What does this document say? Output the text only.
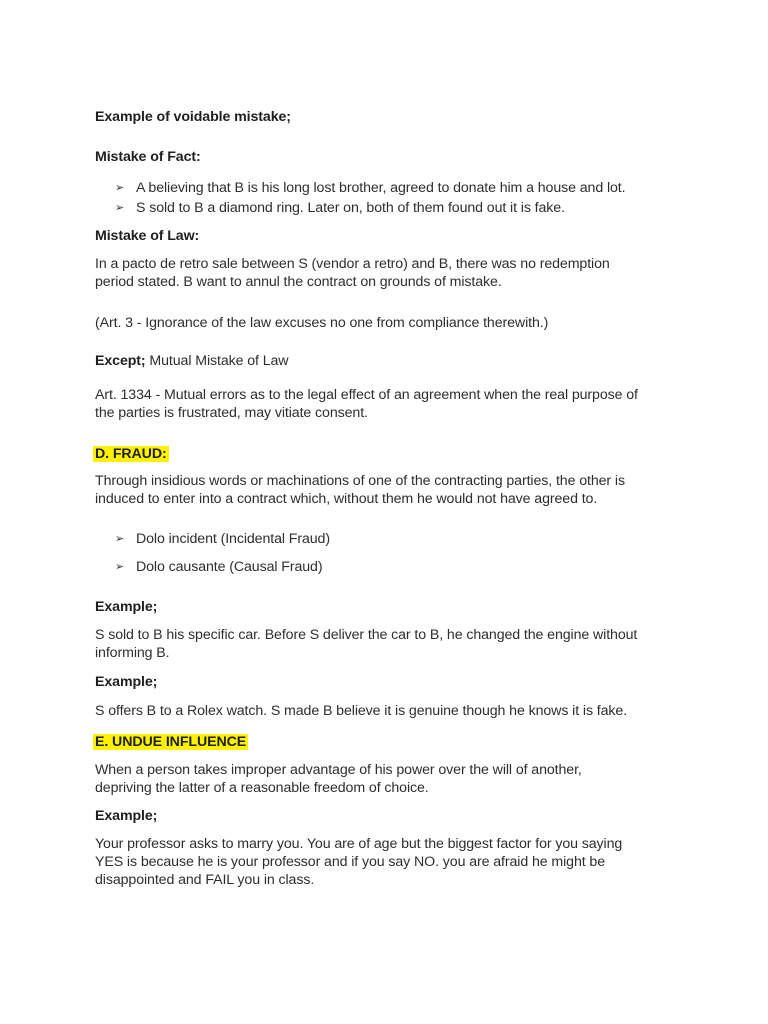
Example of voidable mistake;
Mistake of Fact:
➢ A believing that B is his long lost brother, agreed to donate him a house and lot.
➢ S sold to B a diamond ring. Later on, both of them found out it is fake.
Mistake of Law:
In a pacto de retro sale between S (vendor a retro) and B, there was no redemption
period stated. B want to annul the contract on grounds of mistake.
(Art. 3 - Ignorance of the law excuses no one from compliance therewith.)
Except; Mutual Mistake of Law
Art. 1334 - Mutual errors as to the legal effect of an agreement when the real purpose of
the parties is frustrated, may vitiate consent.
D. FRAUD:
Through insidious words or machinations of one of the contracting parties, the other is
induced to enter into a contract which, without them he would not have agreed to.
➢ Dolo incident (Incidental Fraud)
➢ Dolo causante (Causal Fraud)
Example;
S sold to B his specific car. Before S deliver the car to B, he changed the engine without
informing B.
Example;
S offers B to a Rolex watch. S made B believe it is genuine though he knows it is fake.
E. UNDUE INFLUENCE
When a person takes improper advantage of his power over the will of another,
depriving the latter of a reasonable freedom of choice.
Example;
Your professor asks to marry you. You are of age but the biggest factor for you saying
YES is because he is your professor and if you say NO. you are afraid he might be
disappointed and FAIL you in class.
